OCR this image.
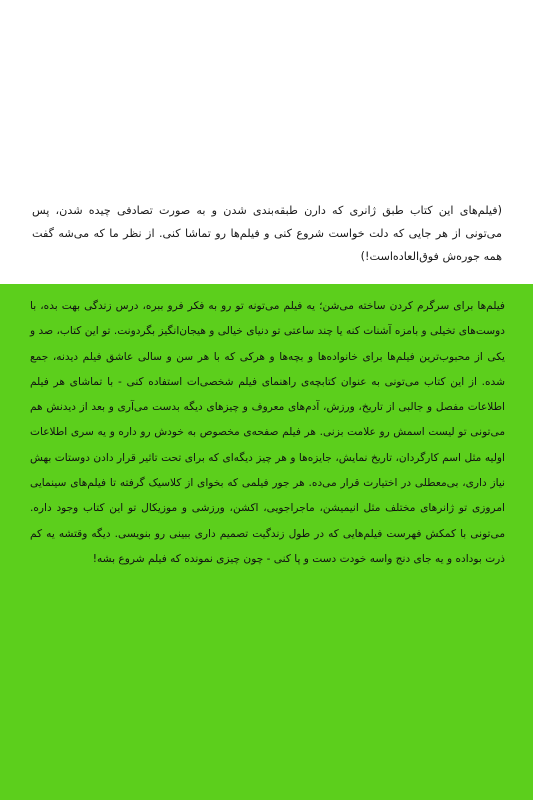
(فیلم‌های این کتاب طبق ژانری که دارن طبقه‌بندی شدن و به صورت تصادفی چیده شدن، پس می‌تونی از هر جایی که دلت خواست شروع کنی و فیلم‌ها رو تماشا کنی. از نظر ما که می‌شه گفت همه جوره‌ش فوق‌العاده‌است!)

فیلم‌ها برای سرگرم کردن ساخته می‌شن؛ یه فیلم می‌تونه تو رو به فکر فرو ببره، درس زندگی بهت بده، با دوست‌های تخیلی و بامزه آشنات کنه یا چند ساعتی تو دنیای خیالی و هیجان‌انگیز بگردونت. تو این کتاب، صد و یکی از محبوب‌ترین فیلم‌ها برای خانواده‌ها و بچه‌ها و هرکی که با هر سن و سالی عاشق فیلم دیدنه، جمع شده. از این کتاب می‌تونی به عنوان کتابچه‌ی راهنمای فیلم شخصی‌ات استفاده کنی - با تماشای هر فیلم اطلاعات مفصل و جالبی از تاریخ، ورزش، آدم‌های معروف و چیزهای دیگه بدست می‌آری و بعد از دیدنش هم می‌تونی تو لیست اسمش رو علامت بزنی. هر فیلم صفحه‌ی مخصوص به خودش رو داره و یه سری اطلاعات اولیه مثل اسم کارگردان، تاریخ نمایش، جایزه‌ها و هر چیز دیگه‌ای که برای تحت تاثیر قرار دادن دوستات بهش نیاز داری، بی‌معطلی در اختیارت قرار می‌ده. هر جور فیلمی که بخوای از کلاسیک گرفته تا فیلم‌های سینمایی امروزی تو ژانرهای مختلف مثل انیمیشن، ماجراجویی، اکشن، ورزشی و موزیکال تو این کتاب وجود داره. می‌تونی با کمکش فهرست فیلم‌هایی که در طول زندگیت تصمیم داری ببینی رو بنویسی. دیگه وقتشه یه کم ذرت بوداده و یه جای دنج واسه خودت دست و پا کنی - چون چیزی نمونده که فیلم شروع بشه!
